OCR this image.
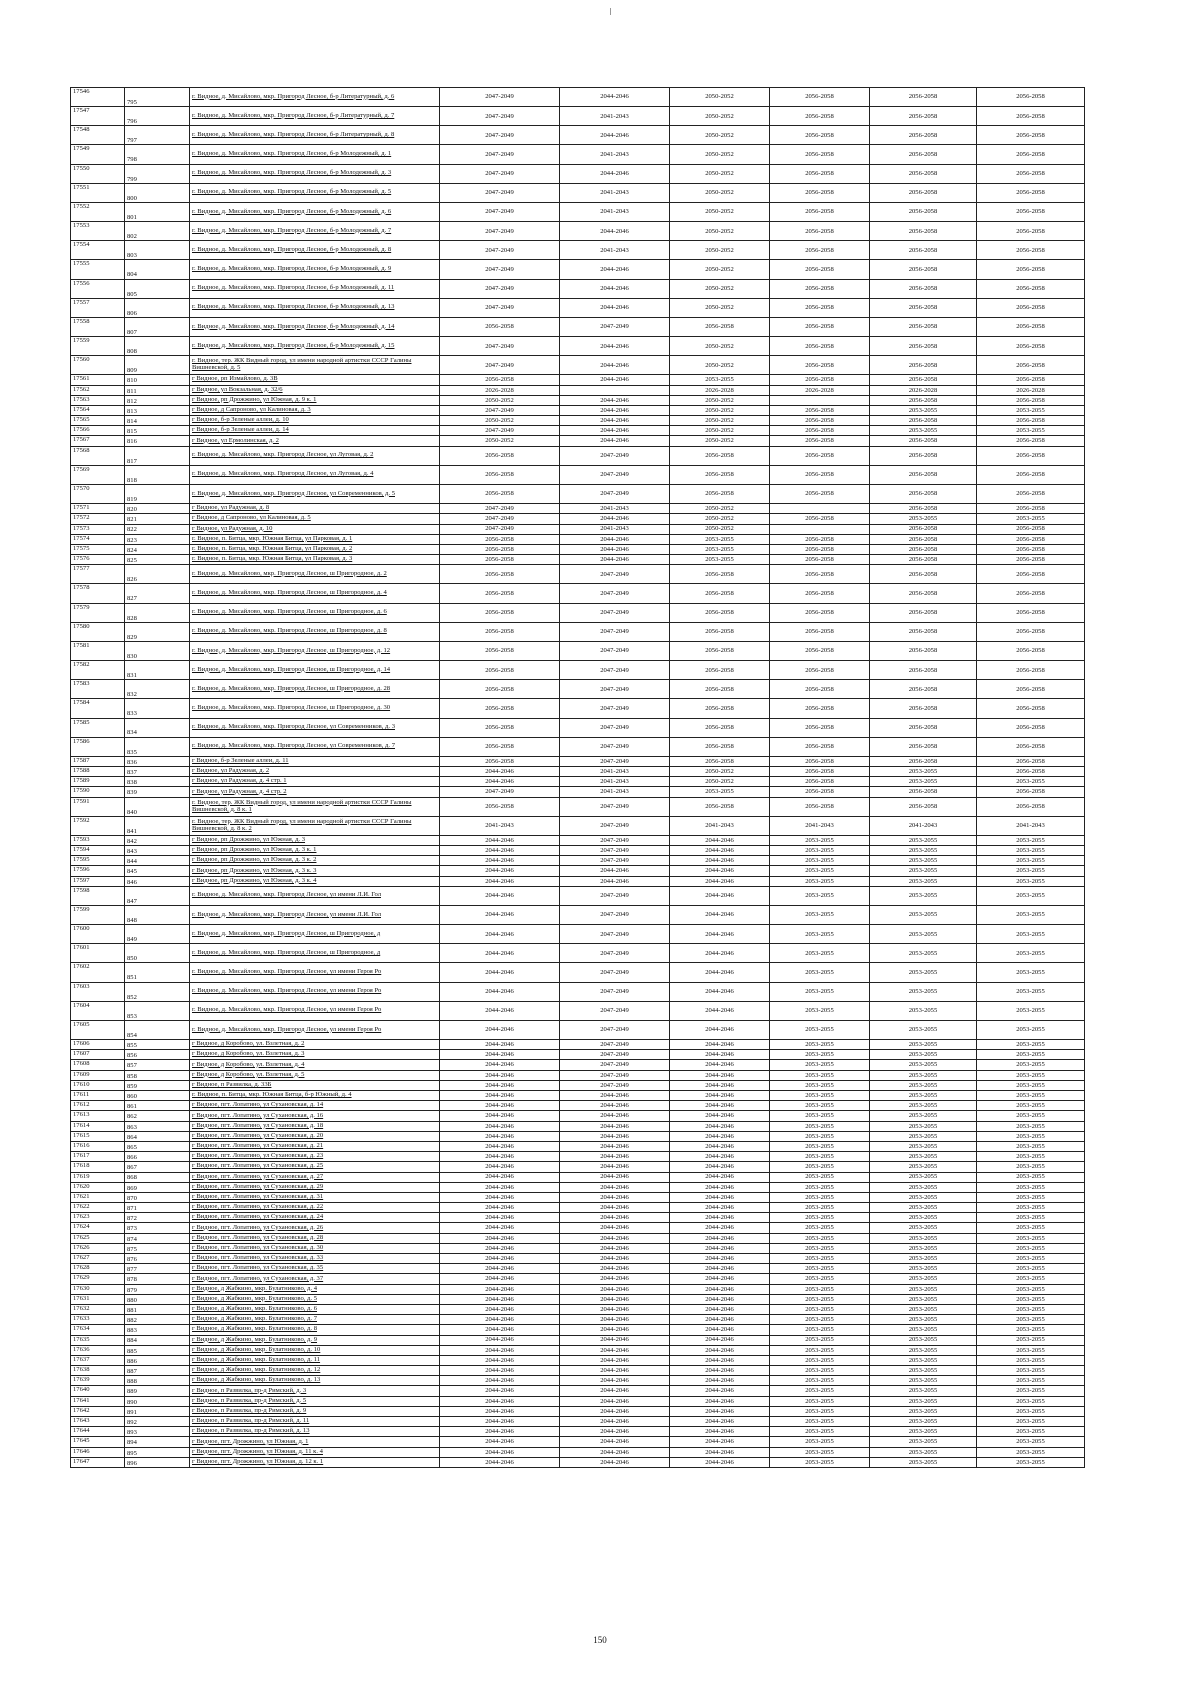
17546	795	г. Видное, д. Мисайлово, мкр. Пригород Лесное, б-р Литературный, д. 6	2047-2049	2044-2046	2050-2052	2056-2058	2056-2058	2056-2058
17547	796	г. Видное, д. Мисайлово, мкр. Пригород Лесное, б-р Литературный, д. 7	2047-2049	2041-2043	2050-2052	2056-2058	2056-2058	2056-2058
17548	797	г. Видное, д. Мисайлово, мкр. Пригород Лесное, б-р Литературный, д. 8	2047-2049	2044-2046	2050-2052	2056-2058	2056-2058	2056-2058
17549	798	г. Видное, д. Мисайлово, мкр. Пригород Лесное, б-р Молодежный, д. 1	2047-2049	2041-2043	2050-2052	2056-2058	2056-2058	2056-2058
17550	799	г. Видное, д. Мисайлово, мкр. Пригород Лесное, б-р Молодежный, д. 3	2047-2049	2044-2046	2050-2052	2056-2058	2056-2058	2056-2058
17551	800	г. Видное, д. Мисайлово, мкр. Пригород Лесное, б-р Молодежный, д. 5	2047-2049	2041-2043	2050-2052	2056-2058	2056-2058	2056-2058
17552	801	г. Видное, д. Мисайлово, мкр. Пригород Лесное, б-р Молодежный, д. 6	2047-2049	2041-2043	2050-2052	2056-2058	2056-2058	2056-2058
17553	802	г. Видное, д. Мисайлово, мкр. Пригород Лесное, б-р Молодежный, д. 7	2047-2049	2044-2046	2050-2052	2056-2058	2056-2058	2056-2058
17554	803	г. Видное, д. Мисайлово, мкр. Пригород Лесное, б-р Молодежный, д. 8	2047-2049	2041-2043	2050-2052	2056-2058	2056-2058	2056-2058
17555	804	г. Видное, д. Мисайлово, мкр. Пригород Лесное, б-р Молодежный, д. 9	2047-2049	2044-2046	2050-2052	2056-2058	2056-2058	2056-2058
17556	805	г. Видное, д. Мисайлово, мкр. Пригород Лесное, б-р Молодежный, д. 11	2047-2049	2044-2046	2050-2052	2056-2058	2056-2058	2056-2058
17557	806	г. Видное, д. Мисайлово, мкр. Пригород Лесное, б-р Молодежный, д. 13	2047-2049	2044-2046	2050-2052	2056-2058	2056-2058	2056-2058
17558	807	г. Видное, д. Мисайлово, мкр. Пригород Лесное, б-р Молодежный, д. 14	2056-2058	2047-2049	2056-2058	2056-2058	2056-2058	2056-2058
17559	808	г. Видное, д. Мисайлово, мкр. Пригород Лесное, б-р Молодежный, д. 15	2047-2049	2044-2046	2050-2052	2056-2058	2056-2058	2056-2058
17560	809	г. Видное, тер. ЖК Видный город, ул имени народной артистки СССР Галины Вишневской, д. 5	2047-2049	2044-2046	2050-2052	2056-2058	2056-2058	2056-2058
17561	810	г Видное, рп Измайлово, д. 3В	2056-2058	2044-2046	2053-2055	2056-2058	2056-2058	2056-2058
17562	811	г Видное, ул Вокзальная, д. 32/6	2026-2028		2026-2028	2026-2028	2026-2028	2026-2028
17563	812	г Видное, рп Дрожжино, ул Южная, д. 9 к. 1	2050-2052	2044-2046	2050-2052		2056-2058	2056-2058
17564	813	г Видное, д Сапроново, ул Калиновая, д. 3	2047-2049	2044-2046	2050-2052	2056-2058	2053-2055	2053-2055
17565	814	г Видное, б-р Зеленые аллеи, д. 10	2050-2052	2044-2046	2050-2052	2056-2058	2056-2058	2056-2058
17566	815	г Видное, б-р Зеленые аллеи, д. 14	2047-2049	2044-2046	2050-2052	2056-2058	2053-2055	2053-2055
17567	816	г Видное, ул Ермолинская, д. 2	2050-2052	2044-2046	2050-2052	2056-2058	2056-2058	2056-2058
17568	817	г. Видное, д. Мисайлово, мкр. Пригород Лесное, ул Луговая, д. 2	2056-2058	2047-2049	2056-2058	2056-2058	2056-2058	2056-2058
17569	818	г. Видное, д. Мисайлово, мкр. Пригород Лесное, ул Луговая, д. 4	2056-2058	2047-2049	2056-2058	2056-2058	2056-2058	2056-2058
17570	819	г. Видное, д. Мисайлово, мкр. Пригород Лесное, ул Современников, д. 5	2056-2058	2047-2049	2056-2058	2056-2058	2056-2058	2056-2058
17571	820	г Видное, ул Радужная, д. 8	2047-2049	2041-2043	2050-2052		2056-2058	2056-2058
17572	821	г Видное, д Сапроново, ул Калиновая, д. 5	2047-2049	2044-2046	2050-2052	2056-2058	2053-2055	2053-2055
17573	822	г Видное, ул Радужная, д. 10	2047-2049	2041-2043	2050-2052		2056-2058	2056-2058
17574	823	г. Видное, п. Битца, мкр. Южная Битца, ул Парковая, д. 1	2056-2058	2044-2046	2053-2055	2056-2058	2056-2058	2056-2058
17575	824	г. Видное, п. Битца, мкр. Южная Битца, ул Парковая, д. 2	2056-2058	2044-2046	2053-2055	2056-2058	2056-2058	2056-2058
17576	825	г. Видное, п. Битца, мкр. Южная Битца, ул Парковая, д. 3	2056-2058	2044-2046	2053-2055	2056-2058	2056-2058	2056-2058
17577	826	г. Видное, д. Мисайлово, мкр. Пригород Лесное, ш Пригородное, д. 2	2056-2058	2047-2049	2056-2058	2056-2058	2056-2058	2056-2058
17578	827	г. Видное, д. Мисайлово, мкр. Пригород Лесное, ш Пригородное, д. 4	2056-2058	2047-2049	2056-2058	2056-2058	2056-2058	2056-2058
17579	828	г. Видное, д. Мисайлово, мкр. Пригород Лесное, ш Пригородное, д. 6	2056-2058	2047-2049	2056-2058	2056-2058	2056-2058	2056-2058
17580	829	г. Видное, д. Мисайлово, мкр. Пригород Лесное, ш Пригородное, д. 8	2056-2058	2047-2049	2056-2058	2056-2058	2056-2058	2056-2058
17581	830	г. Видное, д. Мисайлово, мкр. Пригород Лесное, ш Пригородное, д. 12	2056-2058	2047-2049	2056-2058	2056-2058	2056-2058	2056-2058
17582	831	г. Видное, д. Мисайлово, мкр. Пригород Лесное, ш Пригородное, д. 14	2056-2058	2047-2049	2056-2058	2056-2058	2056-2058	2056-2058
17583	832	г. Видное, д. Мисайлово, мкр. Пригород Лесное, ш Пригородное, д. 28	2056-2058	2047-2049	2056-2058	2056-2058	2056-2058	2056-2058
17584	833	г. Видное, д. Мисайлово, мкр. Пригород Лесное, ш Пригородное, д. 30	2056-2058	2047-2049	2056-2058	2056-2058	2056-2058	2056-2058
17585	834	г. Видное, д. Мисайлово, мкр. Пригород Лесное, ул Современников, д. 3	2056-2058	2047-2049	2056-2058	2056-2058	2056-2058	2056-2058
17586	835	г. Видное, д. Мисайлово, мкр. Пригород Лесное, ул Современников, д. 7	2056-2058	2047-2049	2056-2058	2056-2058	2056-2058	2056-2058
17587	836	г Видное, б-р Зеленые аллеи, д. 11	2056-2058	2047-2049	2056-2058	2056-2058	2056-2058	2056-2058
17588	837	г Видное, ул Радужная, д. 2	2044-2046	2041-2043	2050-2052	2056-2058	2053-2055	2056-2058
17589	838	г Видное, ул Радужная, д. 4 стр. 1	2044-2046	2041-2043	2050-2052	2056-2058	2053-2055	2053-2055
17590	839	г Видное, ул Радужная, д. 4 стр. 2	2047-2049	2041-2043	2053-2055	2056-2058	2056-2058	2056-2058
17591	840	г. Видное, тер. ЖК Видный город, ул имени народной артистки СССР Галины Вишневской, д. 8 к. 1	2056-2058	2047-2049	2056-2058	2056-2058	2056-2058	2056-2058
17592	841	г. Видное, тер. ЖК Видный город, ул имени народной артистки СССР Галины Вишневской, д. 8 к. 2	2041-2043	2047-2049	2041-2043	2041-2043	2041-2043	2041-2043
17593	842	г Видное, рп Дрожжино, ул Южная, д. 3	2044-2046	2047-2049	2044-2046	2053-2055	2053-2055	2053-2055
17594	843	г Видное, рп Дрожжино, ул Южная, д. 3 к. 1	2044-2046	2047-2049	2044-2046	2053-2055	2053-2055	2053-2055
17595	844	г Видное, рп Дрожжино, ул Южная, д. 3 к. 2	2044-2046	2047-2049	2044-2046	2053-2055	2053-2055	2053-2055
17596	845	г Видное, рп Дрожжино, ул Южная, д. 3 к. 3	2044-2046	2044-2046	2044-2046	2053-2055	2053-2055	2053-2055
17597	846	г Видное, рп Дрожжино, ул Южная, д. 3 к. 4	2044-2046	2044-2046	2044-2046	2053-2055	2053-2055	2053-2055
17598	847	г. Видное, д. Мисайлово, мкр. Пригород Лесное, ул имени Л.И. Гол	2044-2046	2047-2049	2044-2046	2053-2055	2053-2055	2053-2055
17599	848	г. Видное, д. Мисайлово, мкр. Пригород Лесное, ул имени Л.И. Гол	2044-2046	2047-2049	2044-2046	2053-2055	2053-2055	2053-2055
17600	849	г. Видное, д. Мисайлово, мкр. Пригород Лесное, ш Пригородное, д	2044-2046	2047-2049	2044-2046	2053-2055	2053-2055	2053-2055
17601	850	г. Видное, д. Мисайлово, мкр. Пригород Лесное, ш Пригородное, д	2044-2046	2047-2049	2044-2046	2053-2055	2053-2055	2053-2055
17602	851	г. Видное, д. Мисайлово, мкр. Пригород Лесное, ул имени Героя Ро	2044-2046	2047-2049	2044-2046	2053-2055	2053-2055	2053-2055
17603	852	г. Видное, д. Мисайлово, мкр. Пригород Лесное, ул имени Героя Ро	2044-2046	2047-2049	2044-2046	2053-2055	2053-2055	2053-2055
17604	853	г. Видное, д. Мисайлово, мкр. Пригород Лесное, ул имени Героя Ро	2044-2046	2047-2049	2044-2046	2053-2055	2053-2055	2053-2055
17605	854	г. Видное, д. Мисайлово, мкр. Пригород Лесное, ул имени Героя Ро	2044-2046	2047-2049	2044-2046	2053-2055	2053-2055	2053-2055
17606	855	г Видное, д Коробово, ул. Взлетная, д. 2	2044-2046	2047-2049	2044-2046	2053-2055	2053-2055	2053-2055
17607	856	г Видное, д Коробово, ул. Взлетная, д. 3	2044-2046	2047-2049	2044-2046	2053-2055	2053-2055	2053-2055
17608	857	г Видное, д Коробово, ул. Взлетная, д. 4	2044-2046	2047-2049	2044-2046	2053-2055	2053-2055	2053-2055
17609	858	г Видное, д Коробово, ул. Взлетная, д. 5	2044-2046	2047-2049	2044-2046	2053-2055	2053-2055	2053-2055
17610	859	г Видное, п Развилка, д. 33Б	2044-2046	2047-2049	2044-2046	2053-2055	2053-2055	2053-2055
17611	860	г. Видное, п. Битца, мкр. Южная Битца, б-р Южный, д. 4	2044-2046	2044-2046	2044-2046	2053-2055	2053-2055	2053-2055
17612	861	г Видное, пгт. Лопатино, ул Сухановская, д. 14	2044-2046	2044-2046	2044-2046	2053-2055	2053-2055	2053-2055
17613	862	г Видное, пгт. Лопатино, ул Сухановская, д. 16	2044-2046	2044-2046	2044-2046	2053-2055	2053-2055	2053-2055
17614	863	г Видное, пгт. Лопатино, ул Сухановская, д. 18	2044-2046	2044-2046	2044-2046	2053-2055	2053-2055	2053-2055
17615	864	г Видное, пгт. Лопатино, ул Сухановская, д. 20	2044-2046	2044-2046	2044-2046	2053-2055	2053-2055	2053-2055
17616	865	г Видное, пгт. Лопатино, ул Сухановская, д. 21	2044-2046	2044-2046	2044-2046	2053-2055	2053-2055	2053-2055
17617	866	г Видное, пгт. Лопатино, ул Сухановская, д. 23	2044-2046	2044-2046	2044-2046	2053-2055	2053-2055	2053-2055
17618	867	г Видное, пгт. Лопатино, ул Сухановская, д. 25	2044-2046	2044-2046	2044-2046	2053-2055	2053-2055	2053-2055
17619	868	г Видное, пгт. Лопатино, ул Сухановская, д. 27	2044-2046	2044-2046	2044-2046	2053-2055	2053-2055	2053-2055
17620	869	г Видное, пгт. Лопатино, ул Сухановская, д. 29	2044-2046	2044-2046	2044-2046	2053-2055	2053-2055	2053-2055
17621	870	г Видное, пгт. Лопатино, ул Сухановская, д. 31	2044-2046	2044-2046	2044-2046	2053-2055	2053-2055	2053-2055
17622	871	г Видное, пгт. Лопатино, ул Сухановская, д. 22	2044-2046	2044-2046	2044-2046	2053-2055	2053-2055	2053-2055
17623	872	г Видное, пгт. Лопатино, ул Сухановская, д. 24	2044-2046	2044-2046	2044-2046	2053-2055	2053-2055	2053-2055
17624	873	г Видное, пгт. Лопатино, ул Сухановская, д. 26	2044-2046	2044-2046	2044-2046	2053-2055	2053-2055	2053-2055
17625	874	г Видное, пгт. Лопатино, ул Сухановская, д. 28	2044-2046	2044-2046	2044-2046	2053-2055	2053-2055	2053-2055
17626	875	г Видное, пгт. Лопатино, ул Сухановская, д. 30	2044-2046	2044-2046	2044-2046	2053-2055	2053-2055	2053-2055
17627	876	г Видное, пгт. Лопатино, ул Сухановская, д. 33	2044-2046	2044-2046	2044-2046	2053-2055	2053-2055	2053-2055
17628	877	г Видное, пгт. Лопатино, ул Сухановская, д. 35	2044-2046	2044-2046	2044-2046	2053-2055	2053-2055	2053-2055
17629	878	г Видное, пгт. Лопатино, ул Сухановская, д. 37	2044-2046	2044-2046	2044-2046	2053-2055	2053-2055	2053-2055
17630	879	г Видное, д Жабкино, мкр. Булатниково, д. 4	2044-2046	2044-2046	2044-2046	2053-2055	2053-2055	2053-2055
17631	880	г Видное, д Жабкино, мкр. Булатниково, д. 5	2044-2046	2044-2046	2044-2046	2053-2055	2053-2055	2053-2055
17632	881	г Видное, д Жабкино, мкр. Булатниково, д. 6	2044-2046	2044-2046	2044-2046	2053-2055	2053-2055	2053-2055
17633	882	г Видное, д Жабкино, мкр. Булатниково, д. 7	2044-2046	2044-2046	2044-2046	2053-2055	2053-2055	2053-2055
17634	883	г Видное, д Жабкино, мкр. Булатниково, д. 8	2044-2046	2044-2046	2044-2046	2053-2055	2053-2055	2053-2055
17635	884	г Видное, д Жабкино, мкр. Булатниково, д. 9	2044-2046	2044-2046	2044-2046	2053-2055	2053-2055	2053-2055
17636	885	г Видное, д Жабкино, мкр. Булатниково, д. 10	2044-2046	2044-2046	2044-2046	2053-2055	2053-2055	2053-2055
17637	886	г Видное, д Жабкино, мкр. Булатниково, д. 11	2044-2046	2044-2046	2044-2046	2053-2055	2053-2055	2053-2055
17638	887	г Видное, д Жабкино, мкр. Булатниково, д. 12	2044-2046	2044-2046	2044-2046	2053-2055	2053-2055	2053-2055
17639	888	г Видное, д Жабкино, мкр. Булатниково, д. 13	2044-2046	2044-2046	2044-2046	2053-2055	2053-2055	2053-2055
17640	889	г Видное, п Развилка, пр-д Римский, д. 3	2044-2046	2044-2046	2044-2046	2053-2055	2053-2055	2053-2055
17641	890	г Видное, п Развилка, пр-д Римский, д. 5	2044-2046	2044-2046	2044-2046	2053-2055	2053-2055	2053-2055
17642	891	г Видное, п Развилка, пр-д Римский, д. 9	2044-2046	2044-2046	2044-2046	2053-2055	2053-2055	2053-2055
17643	892	г Видное, п Развилка, пр-д Римский, д. 11	2044-2046	2044-2046	2044-2046	2053-2055	2053-2055	2053-2055
17644	893	г Видное, п Развилка, пр-д Римский, д. 13	2044-2046	2044-2046	2044-2046	2053-2055	2053-2055	2053-2055
17645	894	г Видное, пгт. Дрожжино, ул Южная, д. 1	2044-2046	2044-2046	2044-2046	2053-2055	2053-2055	2053-2055
17646	895	г Видное, пгт. Дрожжино, ул Южная, д. 11 к. 4	2044-2046	2044-2046	2044-2046	2053-2055	2053-2055	2053-2055
17647	896	г Видное, пгт. Дрожжино, ул Южная, д. 12 к. 1	2044-2046	2044-2046	2044-2046	2053-2055	2053-2055	2053-2055
150
